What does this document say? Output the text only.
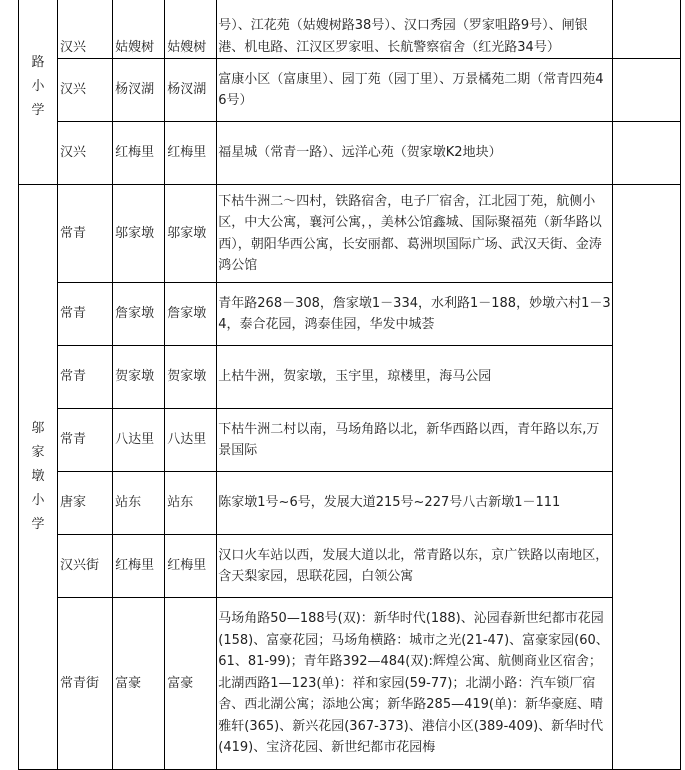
路小学	汉兴	姑嫂树	姑嫂树	号）、江花苑（姑嫂树路38号）、汉口秀园（罗家咀路9号）、闸银港、机电路、江汉区罗家咀、长航警察宿舍（红光路34号）	
	汉兴	杨汊湖	杨汊湖	富康小区（富康里）、园丁苑（园丁里）、万景橘苑二期（常青四苑46号）	
	汉兴	红梅里	红梅里	福星城（常青一路）、远洋心苑（贺家墩K2地块）	

邬家墩小学	常青	邬家墩	邬家墩	下枯牛洲二～四村，铁路宿舍，电子厂宿舍，江北园丁苑，航侧小区，中大公寓，襄河公寓，，美林公馆鑫城、国际聚福苑（新华路以西），朝阳华西公寓，长安丽都、葛洲坝国际广场、武汉天街、金涛鸿公馆	
	常青	詹家墩	詹家墩	青年路268－308，詹家墩1－334，水利路1－188，妙墩六村1－34，泰合花园，鸿泰佳园，华发中城荟	
	常青	贺家墩	贺家墩	上枯牛洲，贺家墩，玉宇里，琼楼里，海马公园	
	常青	八达里	八达里	下枯牛洲二村以南，马场角路以北，新华西路以西，青年路以东,万景国际	
	唐家	站东	站东	陈家墩1号~6号，发展大道215号~227号八古新墩1－111	
	汉兴街	红梅里	红梅里	汉口火车站以西，发展大道以北，常青路以东，京广铁路以南地区，含天梨家园，思联花园，白领公寓	
	常青街	富豪	富豪	马场角路50—188号(双)：新华时代(188)、沁园春新世纪都市花园(158)、富豪花园；马场角横路：城市之光(21-47)、富豪家园(60、61、81-99)；青年路392—484(双):辉煌公寓、航侧商业区宿舍；北湖西路1—123(单)：祥和家园(59-77)；北湖小路：汽车锁厂宿舍、西北湖公寓；添地公寓；新华路285—419(单)：新华豪庭、晴雅轩(365)、新兴花园(367-373)、港信小区(389-409)、新华时代(419)、宝济花园、新世纪都市花园梅	
